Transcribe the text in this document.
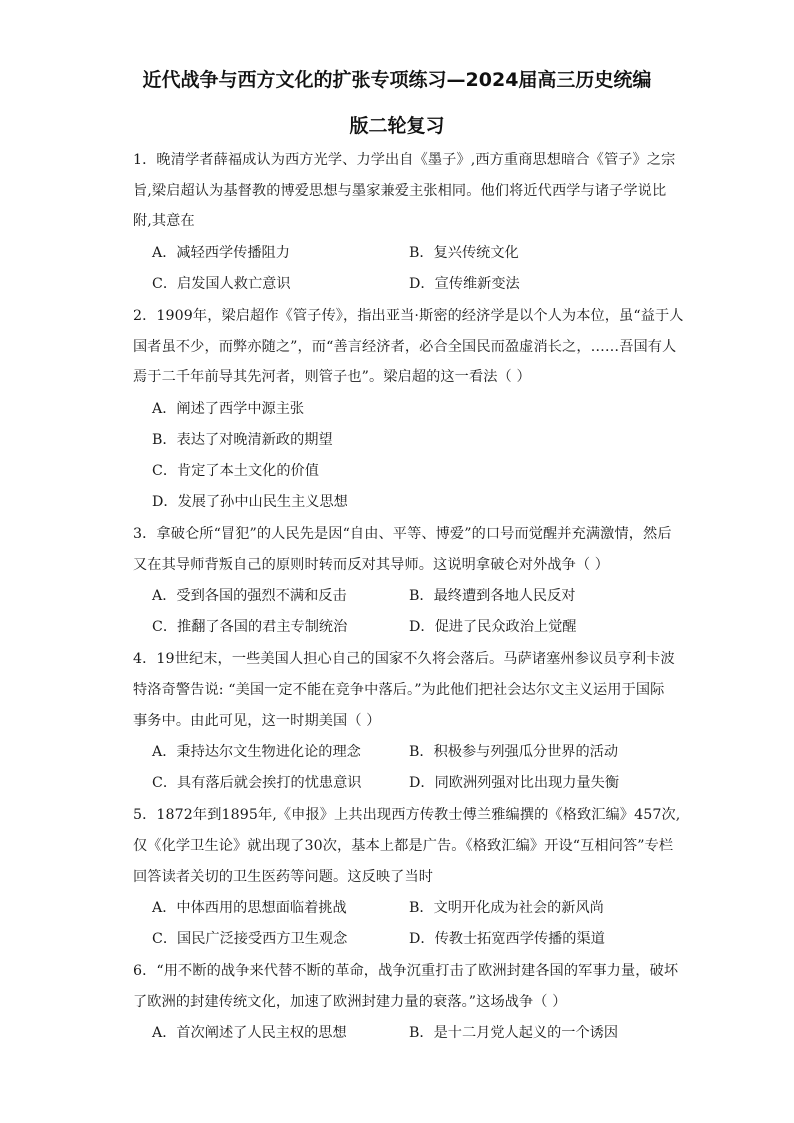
近代战争与西方文化的扩张专项练习—2024届高三历史统编
版二轮复习
1．晚清学者薛福成认为西方光学、力学出自《墨子》,西方重商思想暗合《管子》之宗
旨,梁启超认为基督教的博爱思想与墨家兼爱主张相同。他们将近代西学与诸子学说比
附,其意在
A．减轻西学传播阻力	B．复兴传统文化
C．启发国人救亡意识	D．宣传维新变法
2．1909年，梁启超作《管子传》，指出亚当·斯密的经济学是以个人为本位，虽“益于人
国者虽不少，而弊亦随之”，而“善言经济者，必合全国民而盈虚消长之，……吾国有人
焉于二千年前导其先河者，则管子也”。梁启超的这一看法（ ）
A．阐述了西学中源主张
B．表达了对晚清新政的期望
C．肯定了本土文化的价值
D．发展了孙中山民生主义思想
3．拿破仑所“冒犯”的人民先是因“自由、平等、博爱”的口号而觉醒并充满激情，然后
又在其导师背叛自己的原则时转而反对其导师。这说明拿破仑对外战争（ ）
A．受到各国的强烈不满和反击	B．最终遭到各地人民反对
C．推翻了各国的君主专制统治	D．促进了民众政治上觉醒
4．19世纪末，一些美国人担心自己的国家不久将会落后。马萨诸塞州参议员亨利卡波
特洛奇警告说: “美国一定不能在竞争中落后。”为此他们把社会达尔文主义运用于国际
事务中。由此可见，这一时期美国（ ）
A．秉持达尔文生物进化论的理念	B．积极参与列强瓜分世界的活动
C．具有落后就会挨打的忧患意识	D．同欧洲列强对比出现力量失衡
5．1872年到1895年,《申报》上共出现西方传教士傅兰雅编撰的《格致汇编》457次,
仅《化学卫生论》就出现了30次，基本上都是广告。《格致汇编》开设“互相问答”专栏
回答读者关切的卫生医药等问题。这反映了当时
A．中体西用的思想面临着挑战	B．文明开化成为社会的新风尚
C．国民广泛接受西方卫生观念	D．传教士拓宽西学传播的渠道
6．“用不断的战争来代替不断的革命，战争沉重打击了欧洲封建各国的军事力量，破坏
了欧洲的封建传统文化，加速了欧洲封建力量的衰落。”这场战争（ ）
A．首次阐述了人民主权的思想	B．是十二月党人起义的一个诱因
